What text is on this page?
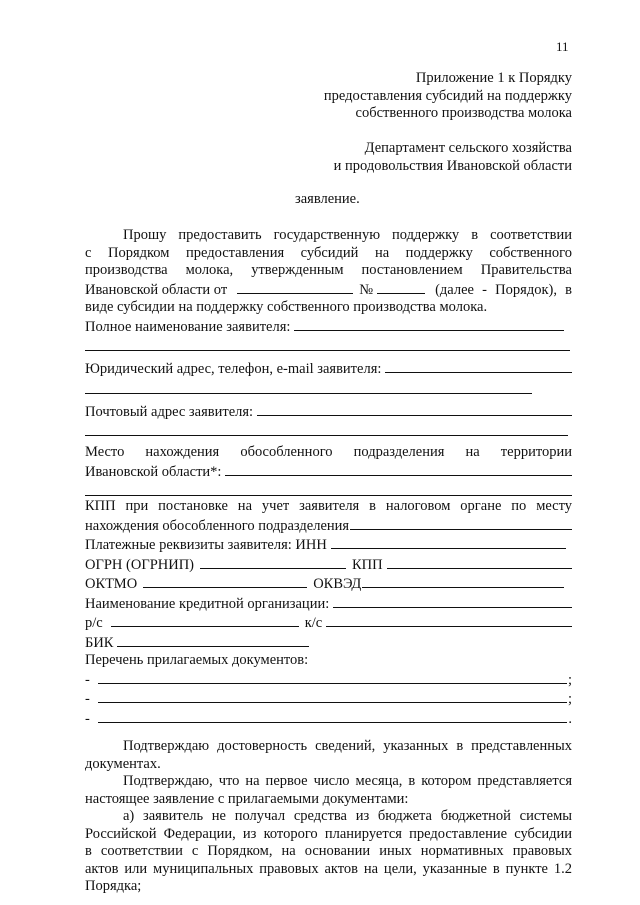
11
Приложение 1 к Порядку
предоставления субсидий на поддержку
собственного производства молока
Департамент сельского хозяйства
и продовольствия Ивановской области
заявление.

Прошу предоставить государственную поддержку в соответствии

с Порядком предоставления субсидий на поддержку собственного

производства молока, утвержденным постановлением Правительства

Ивановской области от	№	(далее - Порядок), в

виде субсидии на поддержку собственного производства молока.

Полное наименование заявителя:
Юридический адрес, телефон, e-mail заявителя:
Почтовый адрес заявителя:

Место нахождения обособленного подразделения на территории

Ивановской области*:

КПП при постановке на учет заявителя в налоговом органе по месту

нахождения обособленного подразделения
Платежные реквизиты заявителя: ИНН
ОГРН (ОГРНИП)	КПП
ОКТМО	ОКВЭД
Наименование кредитной организации:
р/с	к/с
БИК

Перечень прилагаемых документов:

-	;
-	;
-	.

Подтверждаю достоверность сведений, указанных в представленных

документах.

Подтверждаю, что на первое число месяца, в котором представляется

настоящее заявление с прилагаемыми документами:

а) заявитель не получал средства из бюджета бюджетной системы

Российской Федерации, из которого планируется предоставление субсидии

в соответствии с Порядком, на основании иных нормативных правовых

актов или муниципальных правовых актов на цели, указанные в пункте 1.2

Порядка;
